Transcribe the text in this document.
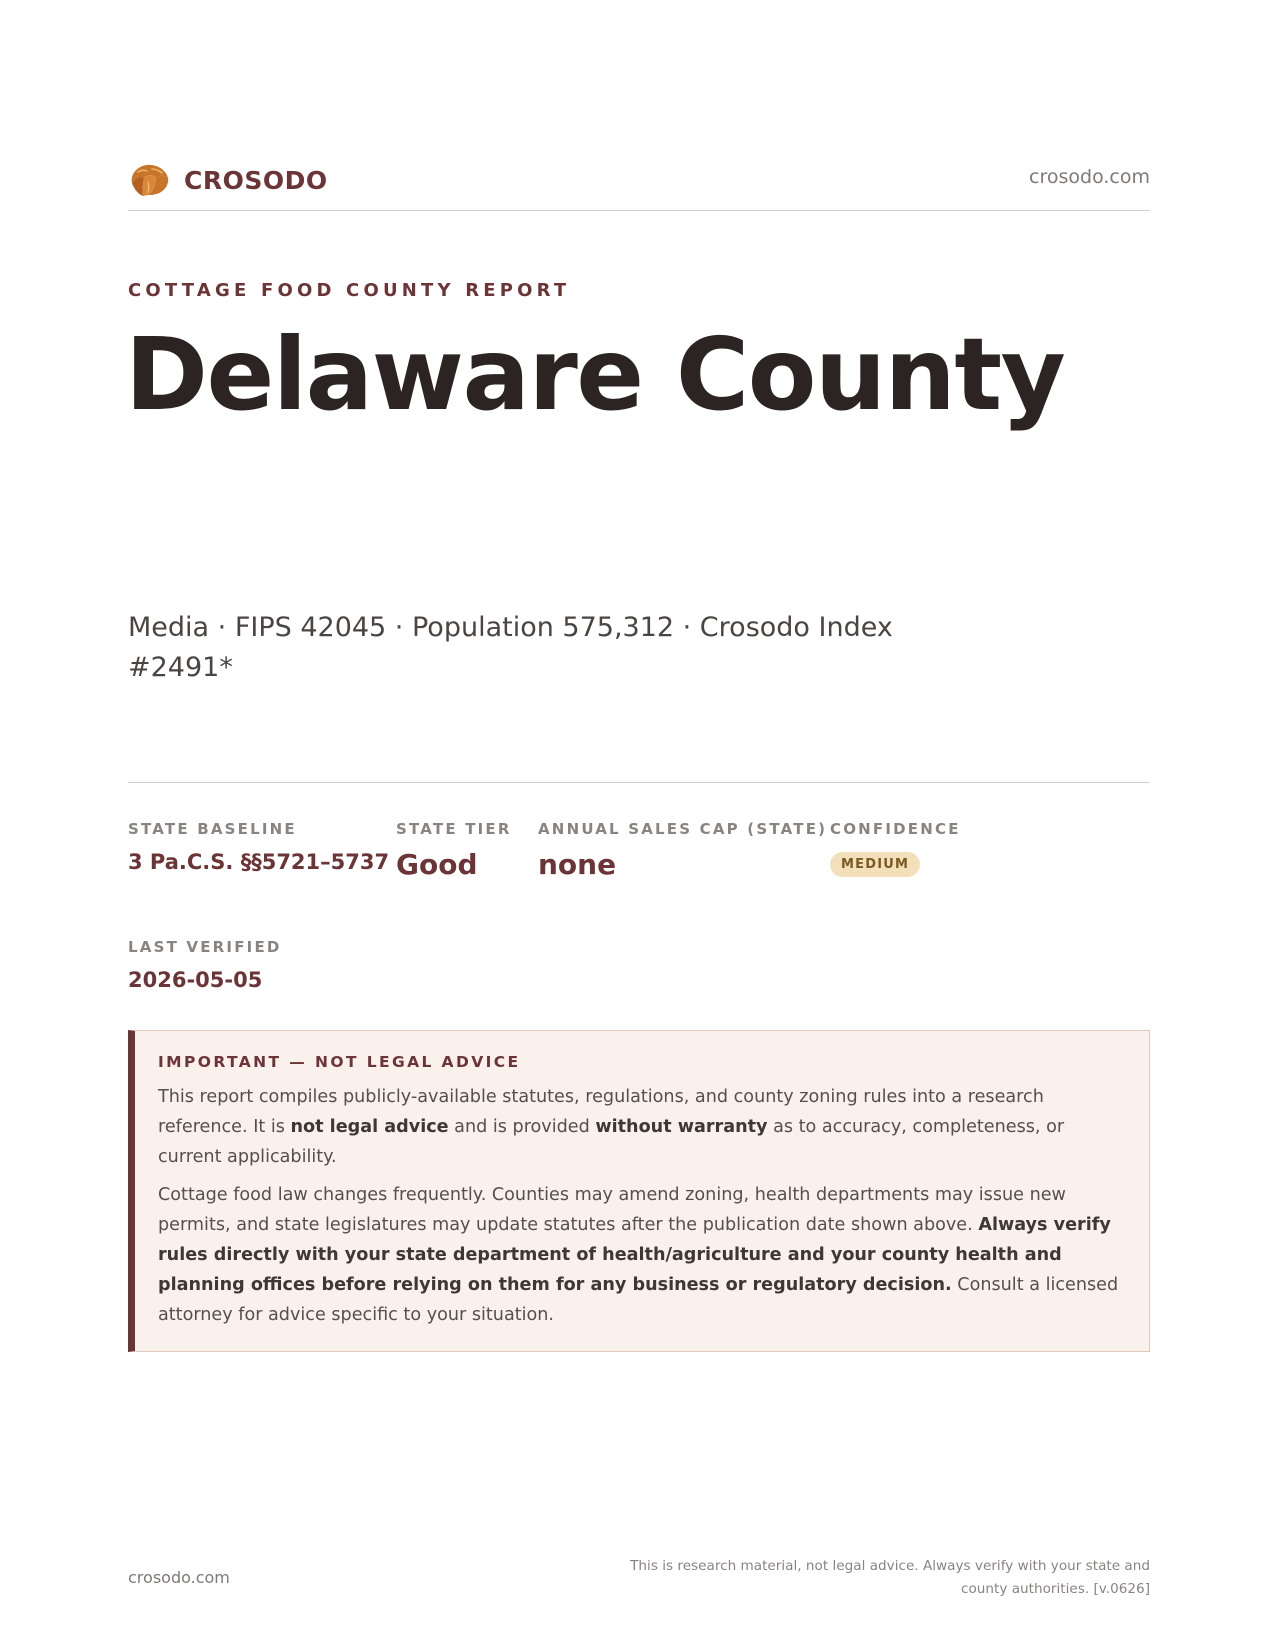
CROSODO	crosodo.com
COTTAGE FOOD COUNTY REPORT
Delaware County
Media · FIPS 42045 · Population 575,312 · Crosodo Index #2491*
STATE BASELINE
3 Pa.C.S. §§5721–5737
STATE TIER
Good
ANNUAL SALES CAP (STATE)
none
CONFIDENCE
MEDIUM
LAST VERIFIED
2026-05-05
IMPORTANT — NOT LEGAL ADVICE

This report compiles publicly-available statutes, regulations, and county zoning rules into a research reference. It is not legal advice and is provided without warranty as to accuracy, completeness, or current applicability.

Cottage food law changes frequently. Counties may amend zoning, health departments may issue new permits, and state legislatures may update statutes after the publication date shown above. Always verify rules directly with your state department of health/agriculture and your county health and planning offices before relying on them for any business or regulatory decision. Consult a licensed attorney for advice specific to your situation.

crosodo.com
This is research material, not legal advice. Always verify with your state and county authorities. [v.0626]
